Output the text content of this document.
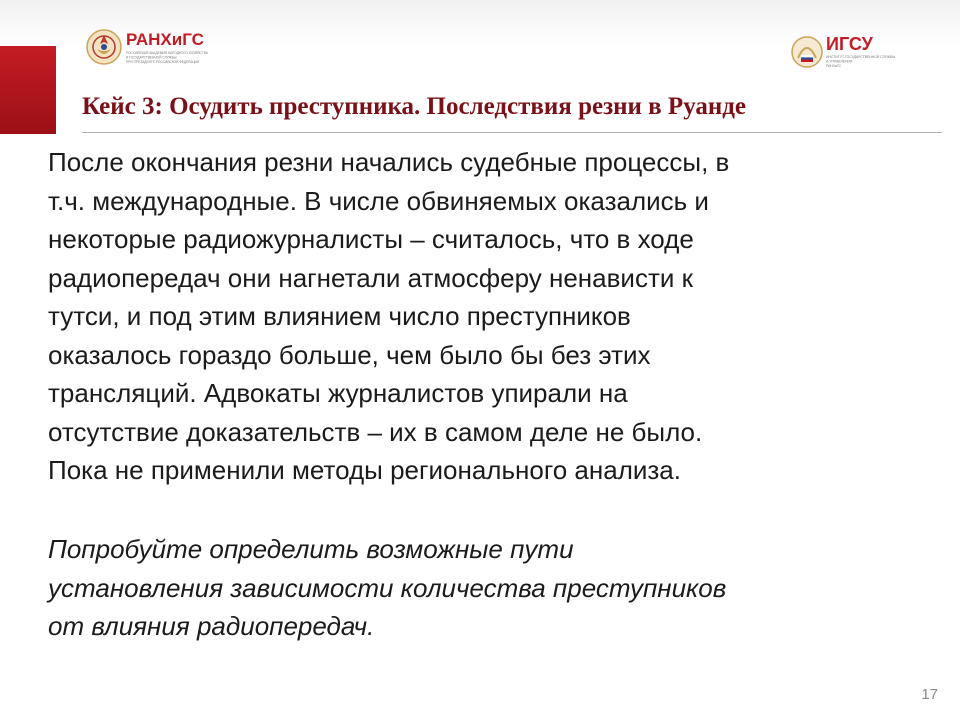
РАНХиГС
РОССИЙСКАЯ АКАДЕМИЯ НАРОДНОГО ХОЗЯЙСТВА
И ГОСУДАРСТВЕННОЙ СЛУЖБЫ
ПРИ ПРЕЗИДЕНТЕ РОССИЙСКОЙ ФЕДЕРАЦИИ
ИГСУ
ИНСТИТУТ ГОСУДАРСТВЕННОЙ СЛУЖБЫ
И УПРАВЛЕНИЯ
РАНХиГС
Кейс 3: Осудить преступника. Последствия резни в Руанде

После окончания резни начались судебные процессы, в
т.ч. международные. В числе обвиняемых оказались и
некоторые радиожурналисты – считалось, что в ходе
радиопередач они нагнетали атмосферу ненависти к
тутси, и под этим влиянием число преступников
оказалось гораздо больше, чем было бы без этих
трансляций. Адвокаты журналистов упирали на
отсутствие доказательств – их в самом деле не было.
Пока не применили методы регионального анализа.

Попробуйте определить возможные пути
установления зависимости количества преступников
от влияния радиопередач.

17
